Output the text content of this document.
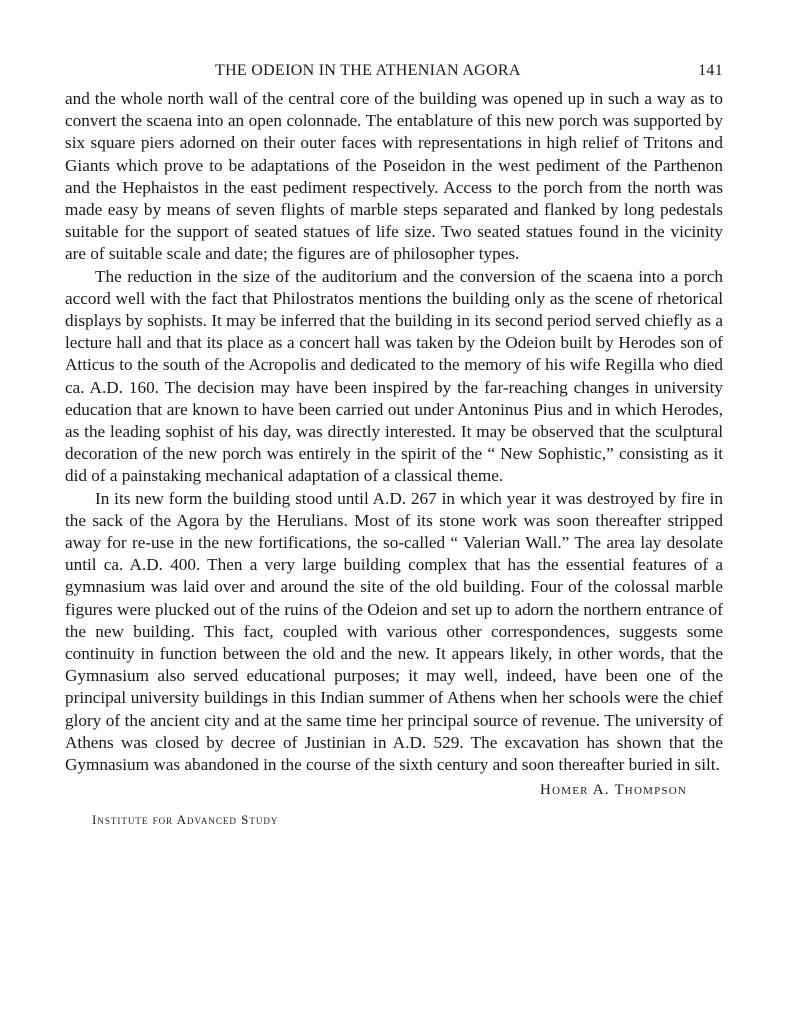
THE ODEION IN THE ATHENIAN AGORA	141

and the whole north wall of the central core of the building was opened up in such a way as to convert the scaena into an open colonnade. The entablature of this new porch was supported by six square piers adorned on their outer faces with representations in high relief of Tritons and Giants which prove to be adaptations of the Poseidon in the west pediment of the Parthenon and the Hephaistos in the east pediment respectively. Access to the porch from the north was made easy by means of seven flights of marble steps separated and flanked by long pedestals suitable for the support of seated statues of life size. Two seated statues found in the vicinity are of suitable scale and date; the figures are of philosopher types.

The reduction in the size of the auditorium and the conversion of the scaena into a porch accord well with the fact that Philostratos mentions the building only as the scene of rhetorical displays by sophists. It may be inferred that the building in its second period served chiefly as a lecture hall and that its place as a concert hall was taken by the Odeion built by Herodes son of Atticus to the south of the Acropolis and dedicated to the memory of his wife Regilla who died ca. A.D. 160. The decision may have been inspired by the far-reaching changes in university education that are known to have been carried out under Antoninus Pius and in which Herodes, as the leading sophist of his day, was directly interested. It may be observed that the sculptural decoration of the new porch was entirely in the spirit of the “ New Sophistic,” consisting as it did of a painstaking mechanical adaptation of a classical theme.

In its new form the building stood until A.D. 267 in which year it was destroyed by fire in the sack of the Agora by the Herulians. Most of its stone work was soon thereafter stripped away for re-use in the new fortifications, the so-called “ Valerian Wall.” The area lay desolate until ca. A.D. 400. Then a very large building complex that has the essential features of a gymnasium was laid over and around the site of the old building. Four of the colossal marble figures were plucked out of the ruins of the Odeion and set up to adorn the northern entrance of the new building. This fact, coupled with various other correspondences, suggests some continuity in function between the old and the new. It appears likely, in other words, that the Gymnasium also served educational purposes; it may well, indeed, have been one of the principal university buildings in this Indian summer of Athens when her schools were the chief glory of the ancient city and at the same time her principal source of revenue. The university of Athens was closed by decree of Justinian in A.D. 529. The excavation has shown that the Gymnasium was abandoned in the course of the sixth century and soon thereafter buried in silt.

Homer A. Thompson
Institute for Advanced Study
